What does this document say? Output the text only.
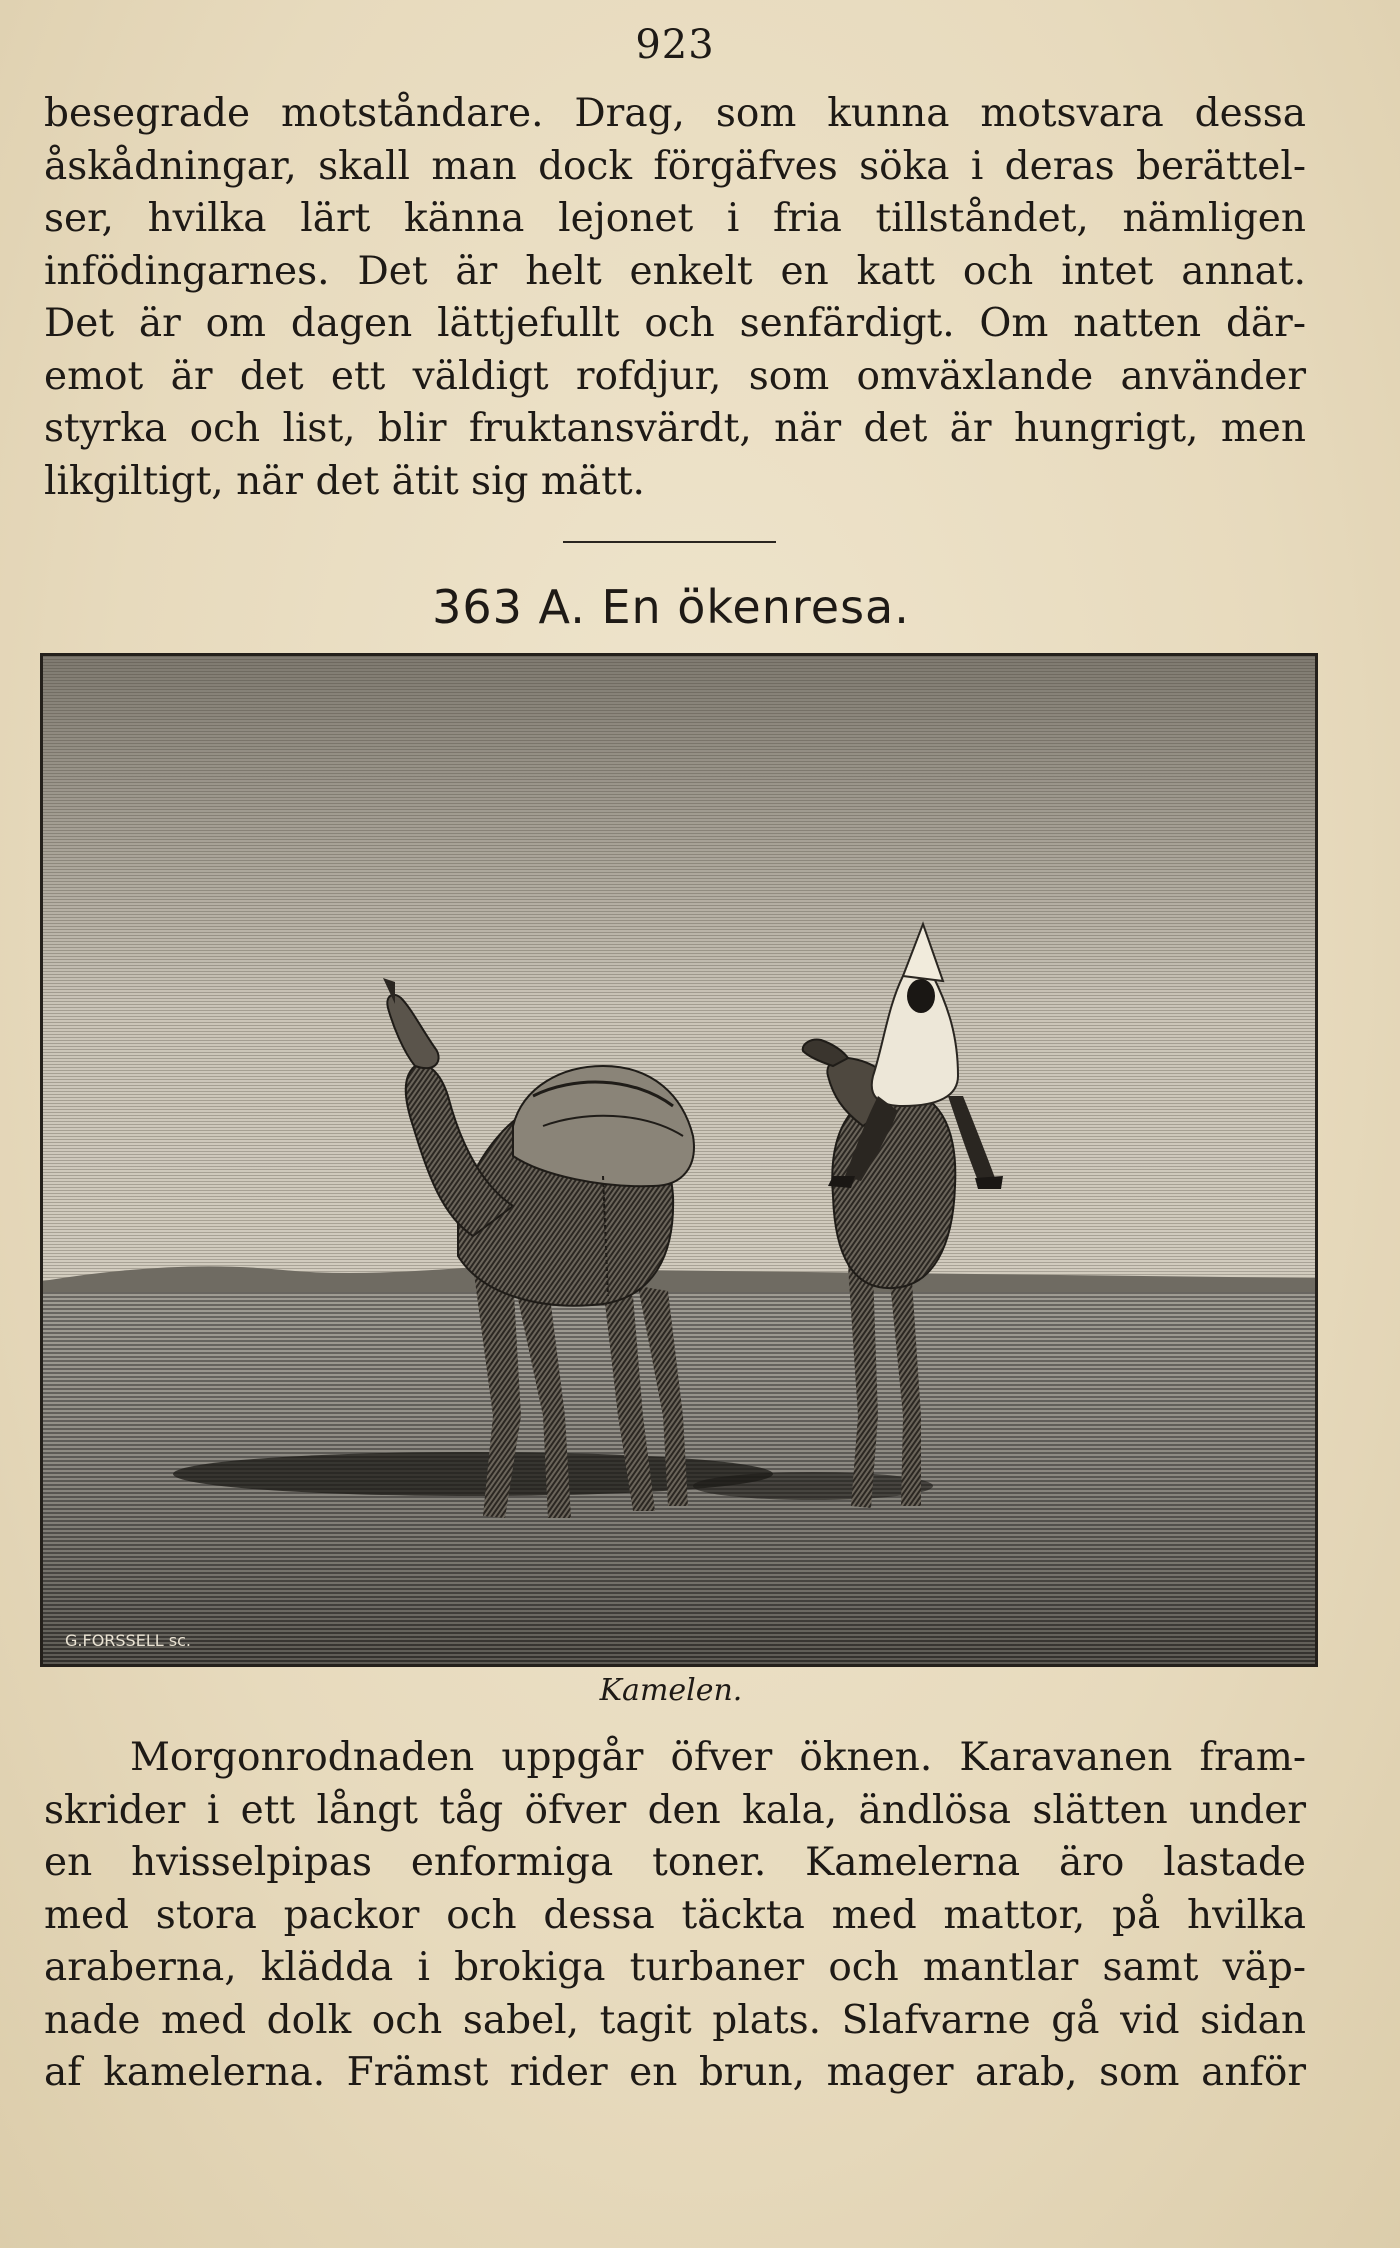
923
besegrade motståndare. Drag, som kunna motsvara dessa
åskådningar, skall man dock förgäfves söka i deras berättel-
ser, hvilka lärt känna lejonet i fria tillståndet, nämligen
infödingarnes. Det är helt enkelt en katt och intet annat.
Det är om dagen lättjefullt och senfärdigt. Om natten där-
emot är det ett väldigt rofdjur, som omväxlande använder
styrka och list, blir fruktansvärdt, när det är hungrigt, men
likgiltigt, när det ätit sig mätt.
363 A. En ökenresa.
G.FORSSELL sc.
Kamelen.
Morgonrodnaden uppgår öfver öknen. Karavanen fram-
skrider i ett långt tåg öfver den kala, ändlösa slätten under
en hvisselpipas enformiga toner. Kamelerna äro lastade
med stora packor och dessa täckta med mattor, på hvilka
araberna, klädda i brokiga turbaner och mantlar samt väp-
nade med dolk och sabel, tagit plats. Slafvarne gå vid sidan
af kamelerna. Främst rider en brun, mager arab, som anför
